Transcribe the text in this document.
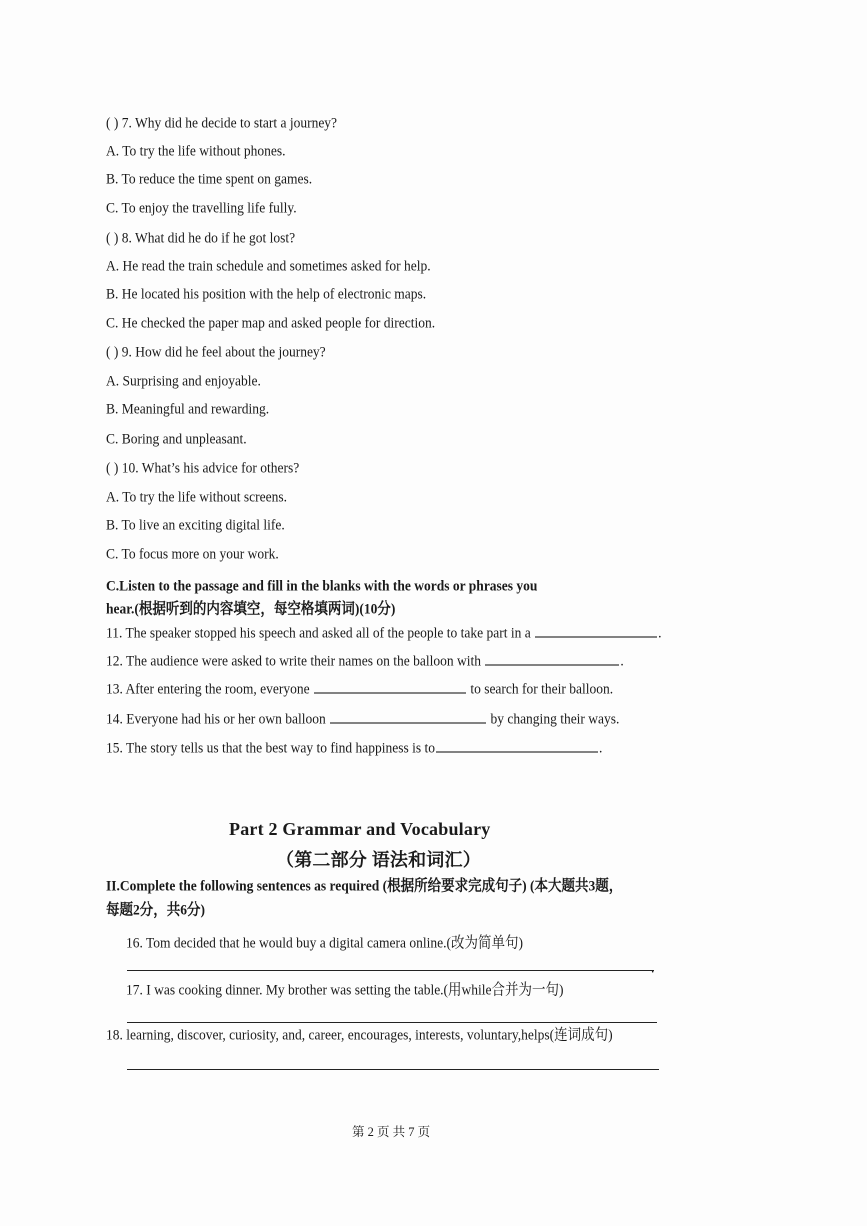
( ) 7. Why did he decide to start a journey?
A. To try the life without phones.
B. To reduce the time spent on games.
C. To enjoy the travelling life fully.
( ) 8. What did he do if he got lost?
A. He read the train schedule and sometimes asked for help.
B. He located his position with the help of electronic maps.
C. He checked the paper map and asked people for direction.
( ) 9. How did he feel about the journey?
A. Surprising and enjoyable.
B. Meaningful and rewarding.
C. Boring and unpleasant.
( ) 10. What’s his advice for others?
A. To try the life without screens.
B. To live an exciting digital life.
C. To focus more on your work.
C.Listen to the passage and fill in the blanks with the words or phrases you
hear.(根据听到的内容填空，每空格填两词)(10分)
11. The speaker stopped his speech and asked all of the people to take part in a	.
12. The audience were asked to write their names on the balloon with	.
13. After entering the room, everyone	to search for their balloon.
14. Everyone had his or her own balloon	by changing their ways.
15. The story tells us that the best way to find happiness is to	.
Part 2 Grammar and Vocabulary
（第二部分 语法和词汇）
II.Complete the following sentences as required (根据所给要求完成句子) (本大题共3题，
每题2分，共6分)
16. Tom decided that he would buy a digital camera online.(改为简单句)
.
17. I was cooking dinner. My brother was setting the table.(用while合并为一句)
18. learning, discover, curiosity, and, career, encourages, interests, voluntary,helps(连词成句)
第 2 页 共 7 页
